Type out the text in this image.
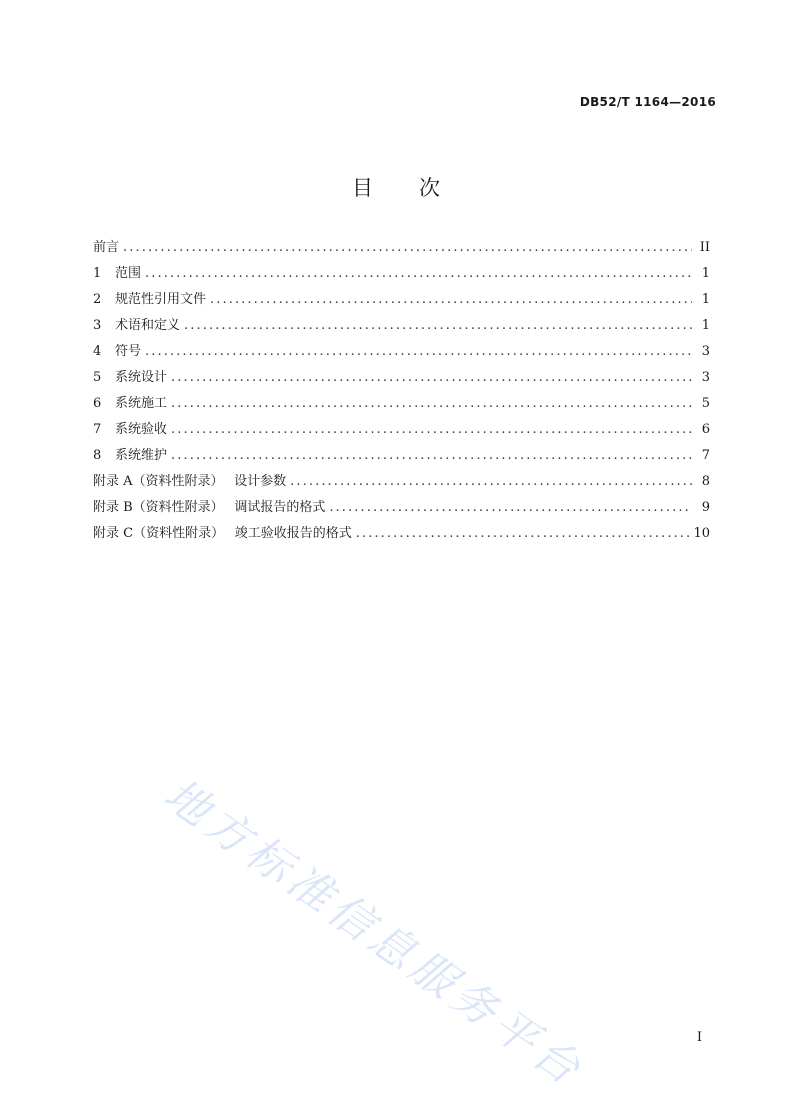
DB52/T 1164—2016
目 次
前言 .....	II
1 范围 .....	1
2 规范性引用文件 .....	1
3 术语和定义 .....	1
4 符号 .....	3
5 系统设计 .....	3
6 系统施工 .....	5
7 系统验收 .....	6
8 系统维护 .....	7
附录 A（资料性附录）　 设计参数 .....	8
附录 B（资料性附录）　 调试报告的格式 .....	9
附录 C（资料性附录）　 竣工验收报告的格式 .....	10
地方标准信息服务平台	I
